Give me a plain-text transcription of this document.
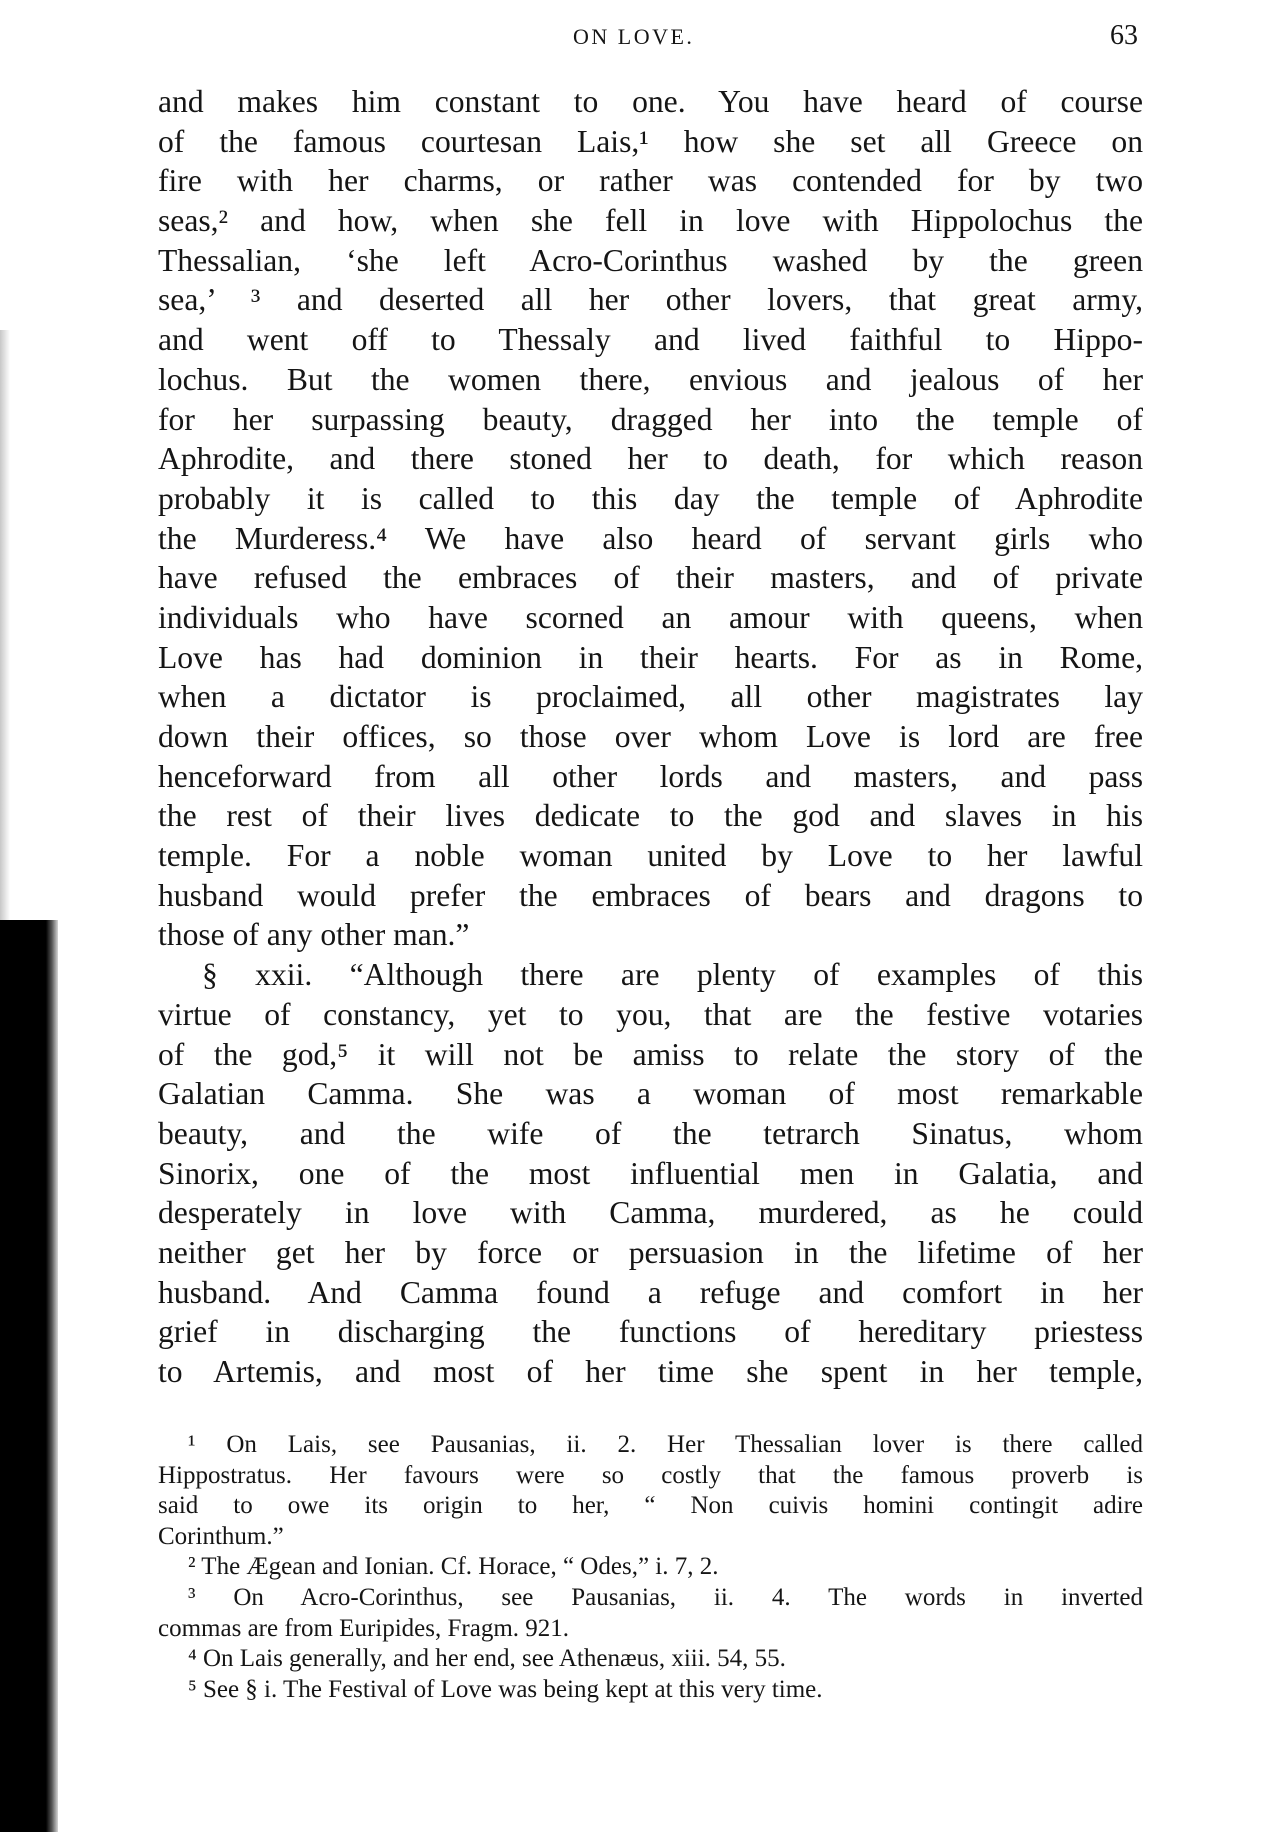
ON LOVE.	63
and makes him constant to one. You have heard of course
of the famous courtesan Lais,¹ how she set all Greece on
fire with her charms, or rather was contended for by two
seas,² and how, when she fell in love with Hippolochus the
Thessalian, ‘she left Acro-Corinthus washed by the green
sea,’ ³ and deserted all her other lovers, that great army,
and went off to Thessaly and lived faithful to Hippo-
lochus. But the women there, envious and jealous of her
for her surpassing beauty, dragged her into the temple of
Aphrodite, and there stoned her to death, for which reason
probably it is called to this day the temple of Aphrodite
the Murderess.⁴ We have also heard of servant girls who
have refused the embraces of their masters, and of private
individuals who have scorned an amour with queens, when
Love has had dominion in their hearts. For as in Rome,
when a dictator is proclaimed, all other magistrates lay
down their offices, so those over whom Love is lord are free
henceforward from all other lords and masters, and pass
the rest of their lives dedicate to the god and slaves in his
temple. For a noble woman united by Love to her lawful
husband would prefer the embraces of bears and dragons to
those of any other man.”
§ xxii. “Although there are plenty of examples of this
virtue of constancy, yet to you, that are the festive votaries
of the god,⁵ it will not be amiss to relate the story of the
Galatian Camma. She was a woman of most remarkable
beauty, and the wife of the tetrarch Sinatus, whom
Sinorix, one of the most influential men in Galatia, and
desperately in love with Camma, murdered, as he could
neither get her by force or persuasion in the lifetime of her
husband. And Camma found a refuge and comfort in her
grief in discharging the functions of hereditary priestess
to Artemis, and most of her time she spent in her temple,
¹ On Lais, see Pausanias, ii. 2. Her Thessalian lover is there called
Hippostratus. Her favours were so costly that the famous proverb is
said to owe its origin to her, “ Non cuivis homini contingit adire
Corinthum.”
² The Ægean and Ionian. Cf. Horace, “ Odes,” i. 7, 2.
³ On Acro-Corinthus, see Pausanias, ii. 4. The words in inverted
commas are from Euripides, Fragm. 921.
⁴ On Lais generally, and her end, see Athenæus, xiii. 54, 55.
⁵ See § i. The Festival of Love was being kept at this very time.
